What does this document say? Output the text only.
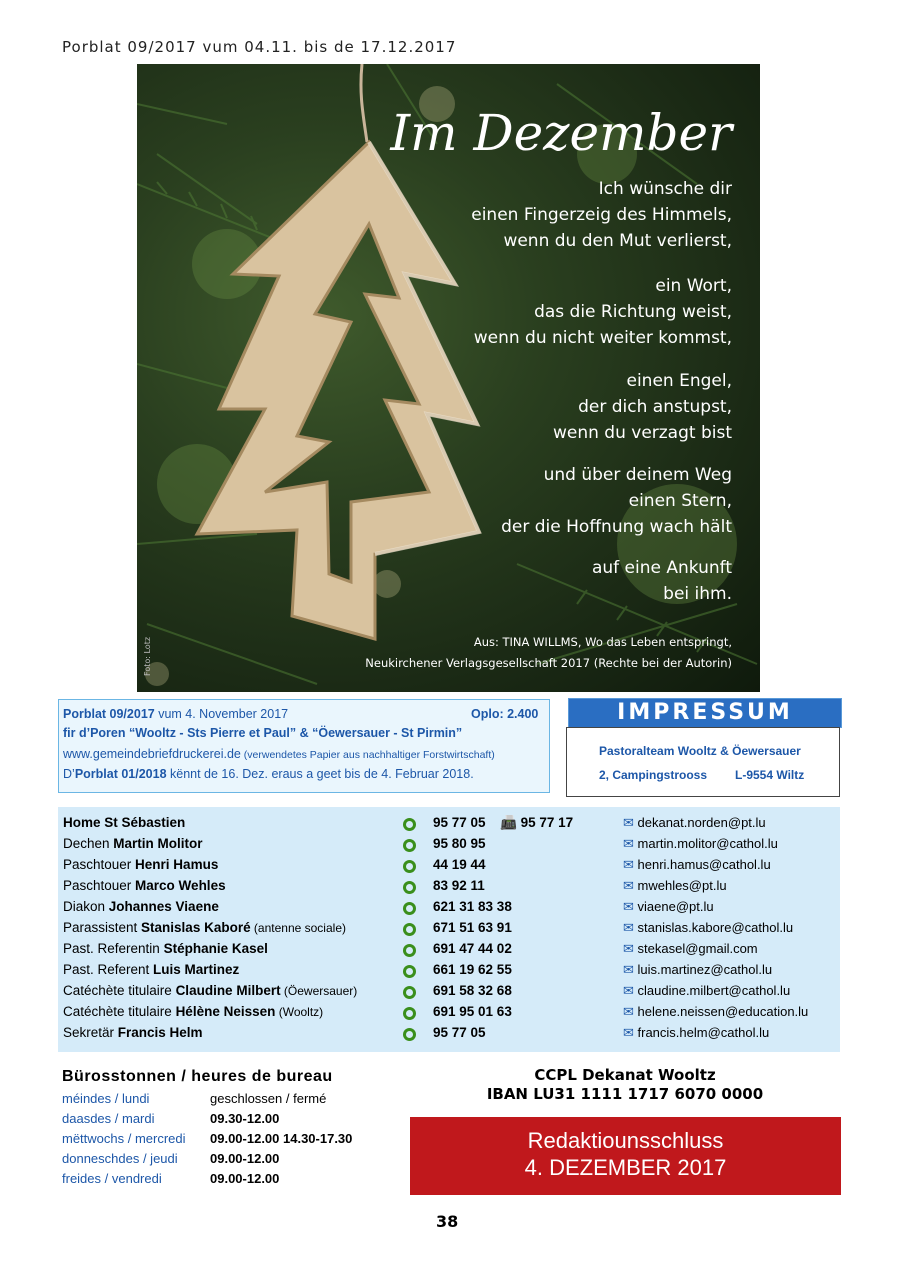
Porblat 09/2017 vum 04.11. bis de 17.12.2017
Im Dezember
Ich wünsche dir
einen Fingerzeig des Himmels,
wenn du den Mut verlierst,
ein Wort,
das die Richtung weist,
wenn du nicht weiter kommst,
einen Engel,
der dich anstupst,
wenn du verzagt bist
und über deinem Weg
einen Stern,
der die Hoffnung wach hält
auf eine Ankunft
bei ihm.
Aus: TINA WILLMS, Wo das Leben entspringt,
Neukirchener Verlagsgesellschaft 2017 (Rechte bei der Autorin)
Foto: Lotz
Porblat 09/2017 vum 4. November 2017	Oplo: 2.400
fir d’Poren “Wooltz - Sts Pierre et Paul” & “Öewersauer - St Pirmin”
www.gemeindebriefdruckerei.de (verwendetes Papier aus nachhaltiger Forstwirtschaft)
D’Porblat 01/2018 kënnt de 16. Dez. eraus a geet bis de 4. Februar 2018.
IMPRESSUM
Pastoralteam Wooltz & Öewersauer
2, Campingstrooss L-9554 Wiltz
Home St Sébastien	95 77 05 📠 95 77 17	✉ dekanat.norden@pt.lu
Dechen Martin Molitor	95 80 95	✉ martin.molitor@cathol.lu
Paschtouer Henri Hamus	44 19 44	✉ henri.hamus@cathol.lu
Paschtouer Marco Wehles	83 92 11	✉ mwehles@pt.lu
Diakon Johannes Viaene	621 31 83 38	✉ viaene@pt.lu
Parassistent Stanislas Kaboré (antenne sociale)	671 51 63 91	✉ stanislas.kabore@cathol.lu
Past. Referentin Stéphanie Kasel	691 47 44 02	✉ stekasel@gmail.com
Past. Referent Luis Martinez	661 19 62 55	✉ luis.martinez@cathol.lu
Catéchète titulaire Claudine Milbert (Öewersauer)	691 58 32 68	✉ claudine.milbert@cathol.lu
Catéchète titulaire Hélène Neissen (Wooltz)	691 95 01 63	✉ helene.neissen@education.lu
Sekretär Francis Helm	95 77 05	✉ francis.helm@cathol.lu
Bürosstonnen / heures de bureau
méindes / lundi	geschlossen / fermé
daasdes / mardi	09.30-12.00
mëttwochs / mercredi 09.00-12.00 14.30-17.30
donneschdes / jeudi 09.00-12.00
freides / vendredi	09.00-12.00
CCPL Dekanat Wooltz
IBAN LU31 1111 1717 6070 0000
Redaktiounsschluss
4. DEZEMBER 2017
38
